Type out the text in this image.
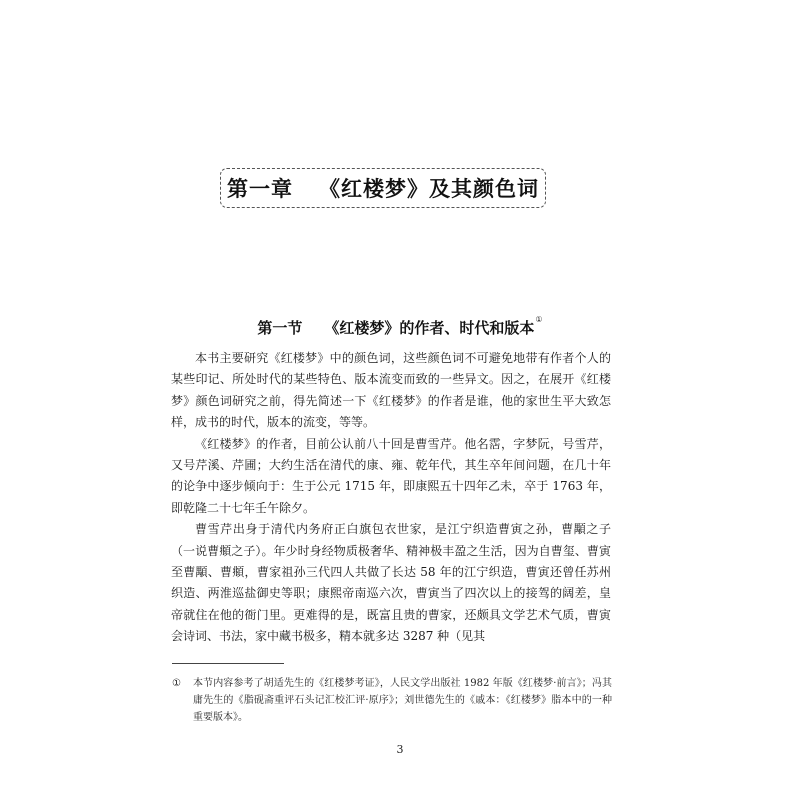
第一章 《红楼梦》及其颜色词
第一节 《红楼梦》的作者、时代和版本①

本书主要研究《红楼梦》中的颜色词，这些颜色词不可避免地带有作者个人的某些印记、所处时代的某些特色、版本流变而致的一些异文。因之，在展开《红楼梦》颜色词研究之前，得先简述一下《红楼梦》的作者是谁，他的家世生平大致怎样，成书的时代，版本的流变，等等。

《红楼梦》的作者，目前公认前八十回是曹雪芹。他名霑，字梦阮，号雪芹，又号芹溪、芹圃；大约生活在清代的康、雍、乾年代，其生卒年间问题，在几十年的论争中逐步倾向于：生于公元 1715 年，即康熙五十四年乙未，卒于 1763 年，即乾隆二十七年壬午除夕。

曹雪芹出身于清代内务府正白旗包衣世家，是江宁织造曹寅之孙，曹顒之子（一说曹頫之子）。年少时身经物质极奢华、精神极丰盈之生活，因为自曹玺、曹寅至曹顒、曹頫，曹家祖孙三代四人共做了长达 58 年的江宁织造，曹寅还曾任苏州织造、两淮巡盐御史等职；康熙帝南巡六次，曹寅当了四次以上的接驾的阔差，皇帝就住在他的衙门里。更难得的是，既富且贵的曹家，还颇具文学艺术气质，曹寅会诗词、书法，家中藏书极多，精本就多达 3287 种（见其

① 本节内容参考了胡适先生的《红楼梦考证》，人民文学出版社 1982 年版《红楼梦·前言》；冯其庸先生的《脂砚斋重评石头记汇校汇评·原序》；刘世德先生的《戚本：《红楼梦》脂本中的一种重要版本》。
3
